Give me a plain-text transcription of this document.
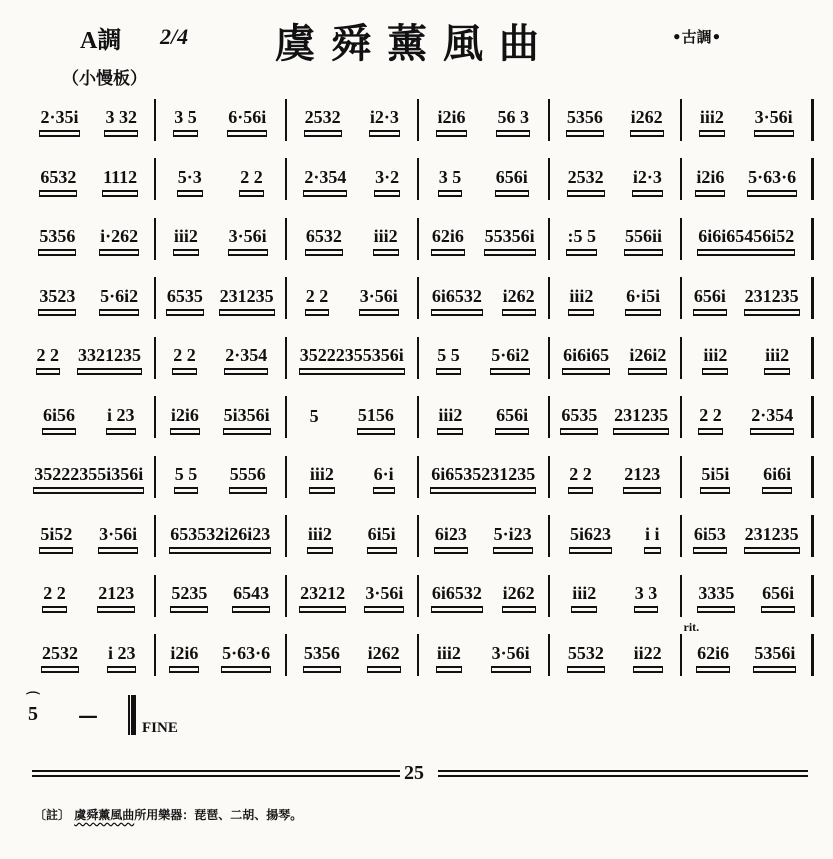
A調 2/4 虞舜薰風曲	•古調•
（小慢板）
2·35i 3 32 3 5 6·56i 2532 i2·3 i2i6 56 3 5356 i262 iii2 3·56i
6532 1112 5·3 2 2 2·354 3·2 3 5 656i 2532 i2·3 i2i6 5·63·6
5356 i·262 iii2 3·56i 6532 iii2 62i6 55356i :5 5 556ii 6i6i65456i52
3523 5·6i2 6535 231235 2 2 3·56i 6i6532 i262 iii2 6·i5i 656i 231235
2 2 3321235 2 2 2·354 35222355356i 5 5 5·6i2 6i6i65 i26i2 iii2 iii2
6i56 i 23 i2i6 5i356i 5 5156 iii2 656i 6535 231235 2 2 2·354
35222355i356i 5 5 5556 iii2 6·i 6i6535231235 2 2 2123 5i5i 6i6i
5i52 3·56i 653532i26i23 iii2 6i5i 6i23 5·i23 5i623 i i 6i53 231235
2 2 2123 5235 6543 23212 3·56i 6i6532 i262 iii2 3 3 3335 656i
2532 i 23 i2i6 5·63·6 5356 i262 iii2 3·56i 5532 ii22
rit.
62i6 5356i
⌒ 5 —
FINE
25
〔註〕 虞舜薰風曲所用樂器：琵琶、二胡、揚琴。
